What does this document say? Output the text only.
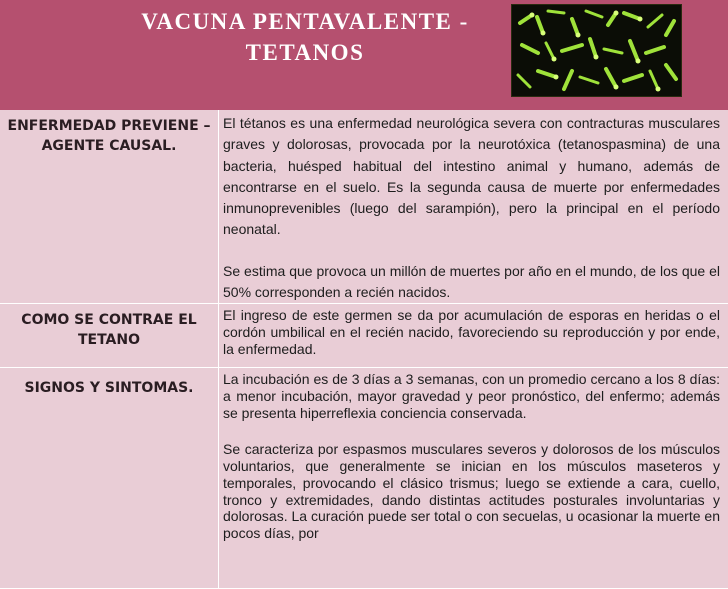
VACUNA PENTAVALENTE - TETANOS
ENFERMEDAD PREVIENE – AGENTE CAUSAL.	El tétanos es una enfermedad neurológica severa con contracturas musculares graves y dolorosas, provocada por la neurotóxica (tetanospasmina) de una bacteria, huésped habitual del intestino animal y humano, además de encontrarse en el suelo. Es la segunda causa de muerte por enfermedades inmunoprevenibles (luego del sarampión), pero la principal en el período neonatal.

Se estima que provoca un millón de muertes por año en el mundo, de los que el 50% corresponden a recién nacidos.

COMO SE CONTRAE EL TETANO	El ingreso de este germen se da por acumulación de esporas en heridas o el cordón umbilical en el recién nacido, favoreciendo su reproducción y por ende, la enfermedad.

SIGNOS Y SINTOMAS.	La incubación es de 3 días a 3 semanas, con un promedio cercano a los 8 días: a menor incubación, mayor gravedad y peor pronóstico, del enfermo; además se presenta hiperreflexia conciencia conservada.

Se caracteriza por espasmos musculares severos y dolorosos de los músculos voluntarios, que generalmente se inician en los músculos maseteros y temporales, provocando el clásico trismus; luego se extiende a cara, cuello, tronco y extremidades, dando distintas actitudes posturales involuntarias y dolorosas. La curación puede ser total o con secuelas, u ocasionar la muerte en pocos días, por
